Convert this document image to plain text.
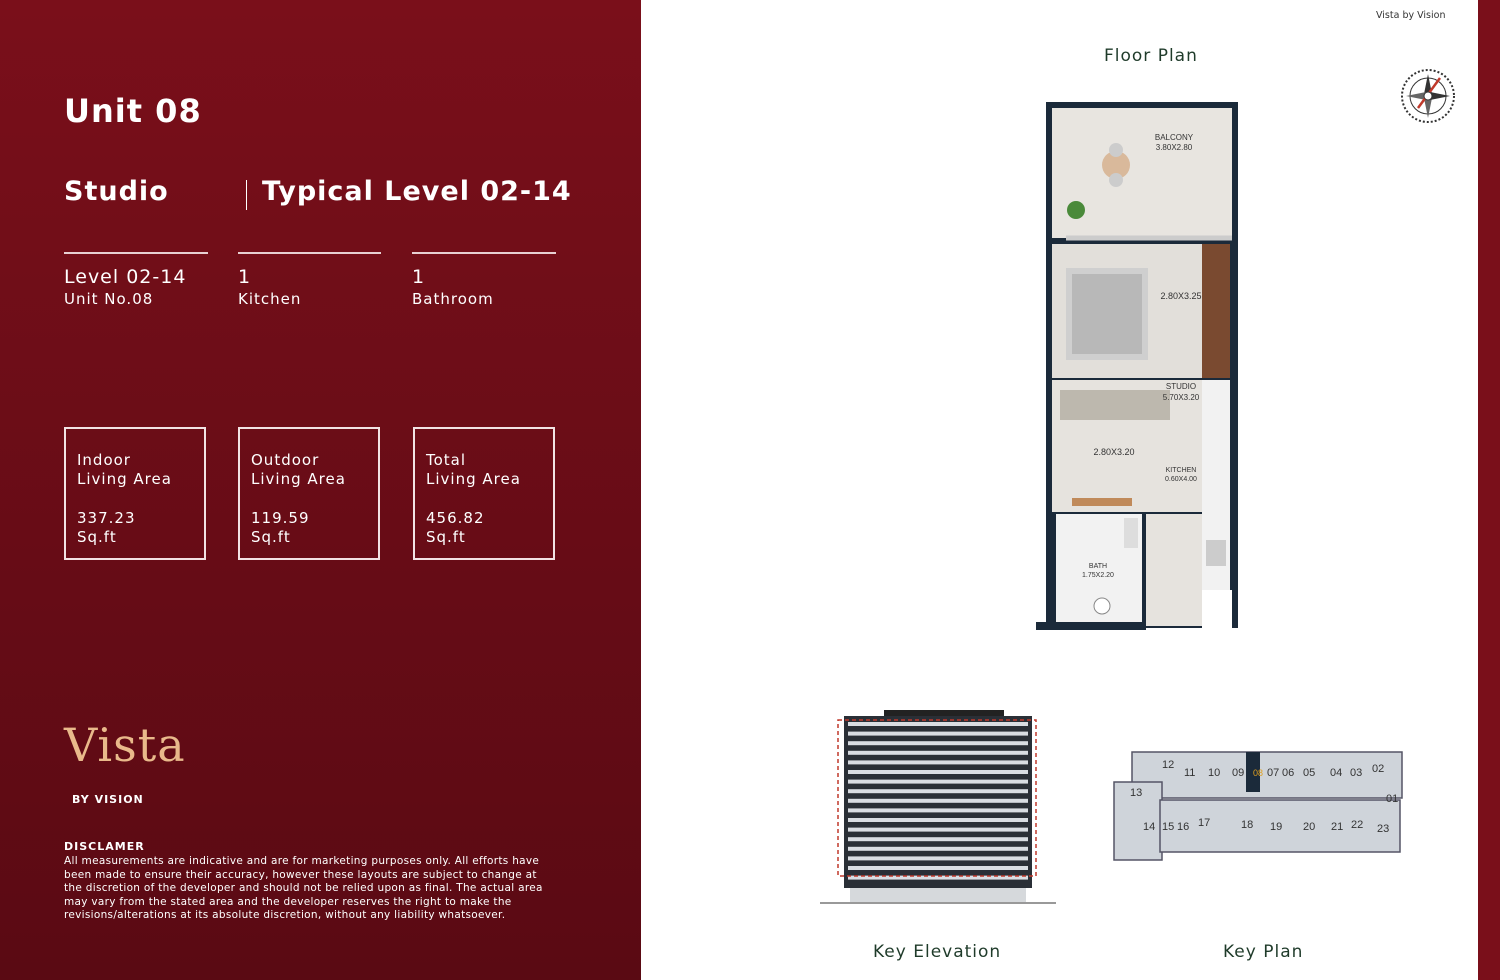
Unit 08
Studio	Typical Level 02-14
Level 02-14
Unit No.08
1
Kitchen
1
Bathroom
Indoor
Living Area
337.23
Sq.ft
Outdoor
Living Area
119.59
Sq.ft
Total
Living Area
456.82
Sq.ft
Vista
BY VISION
DISCLAMER
All measurements are indicative and are for marketing purposes only. All efforts have been made to ensure their accuracy, however these layouts are subject to change at the discretion of the developer and should not be relied upon as final. The actual area may vary from the stated area and the developer reserves the right to make the revisions/alterations at its absolute discretion, without any liability whatsoever.
Vista by Vision
Floor Plan
BALCONY
3.80X2.80
2.80X3.25
STUDIO
5.70X3.20
2.80X3.20
KITCHEN
0.60X4.00
BATH
1.75X2.20
Key Elevation
12
11 10 09 08 07 06 05 04 03 02
13	01
14 15 16 17	18 19 20 21 22 23
Key Plan
